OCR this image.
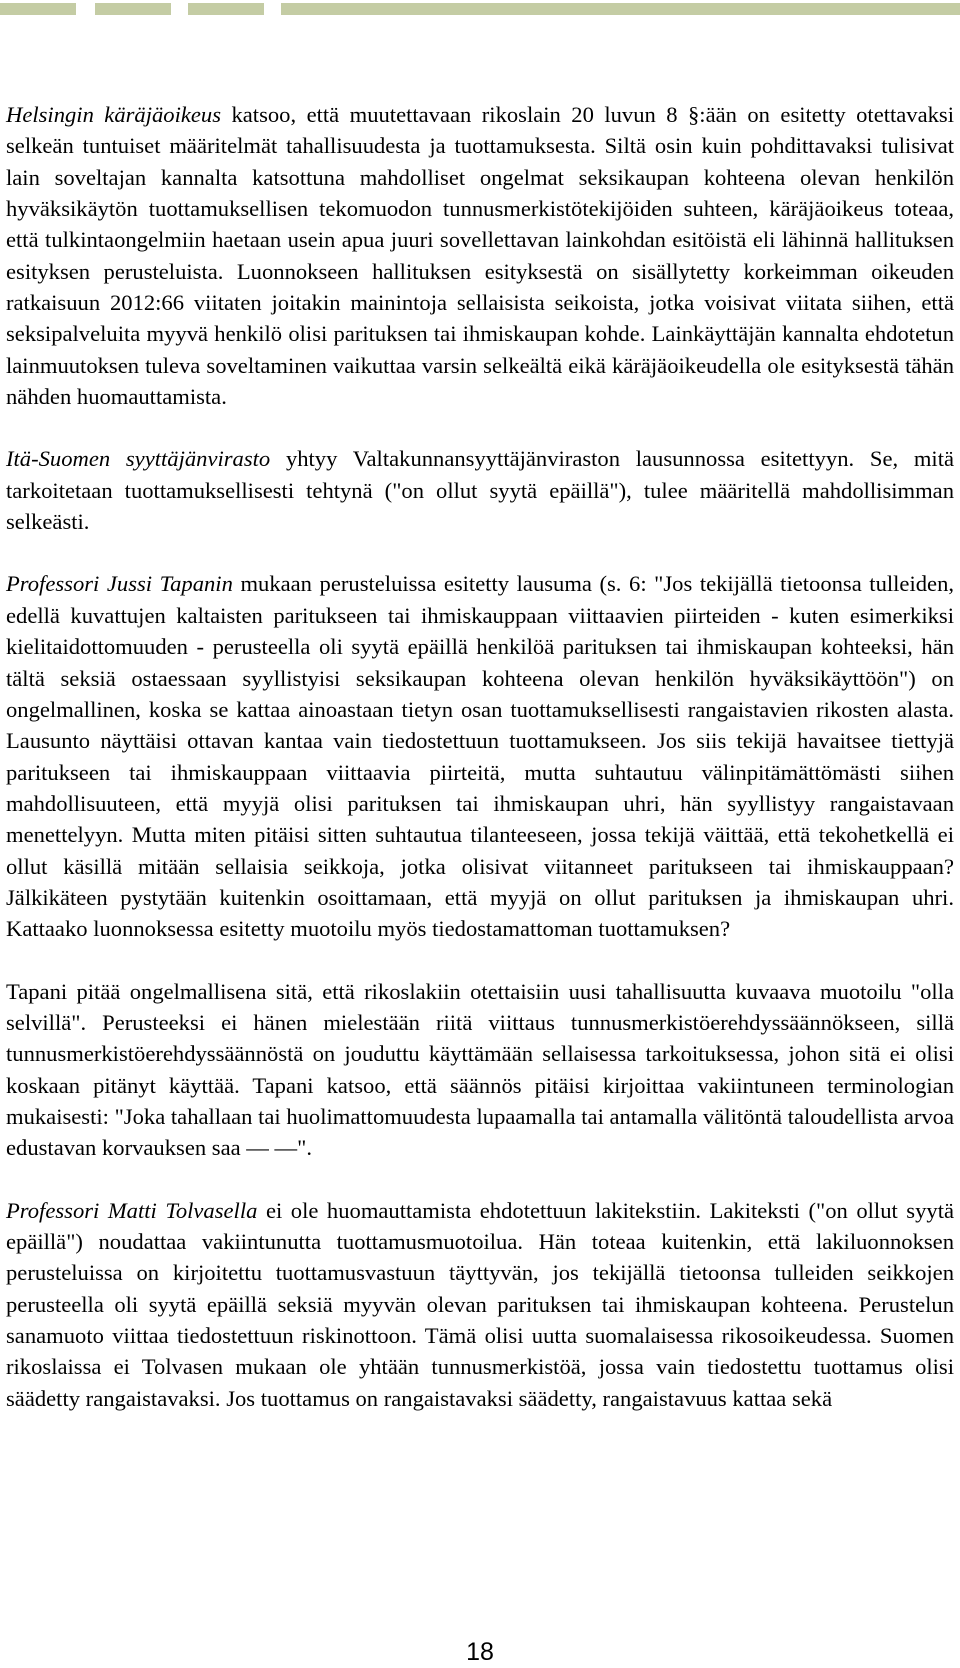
Helsingin käräjäoikeus katsoo, että muutettavaan rikoslain 20 luvun 8 §:ään on esitetty otettavaksi selkeän tuntuiset määritelmät tahallisuudesta ja tuottamuksesta. Siltä osin kuin pohdittavaksi tulisivat lain soveltajan kannalta katsottuna mahdolliset ongelmat seksikaupan kohteena olevan henkilön hyväksikäytön tuottamuksellisen tekomuodon tunnusmerkistötekijöiden suhteen, käräjäoikeus toteaa, että tulkintaongelmiin haetaan usein apua juuri sovellettavan lainkohdan esitöistä eli lähinnä hallituksen esityksen perusteluista. Luonnokseen hallituksen esityksestä on sisällytetty korkeimman oikeuden ratkaisuun 2012:66 viitaten joitakin mainintoja sellaisista seikoista, jotka voisivat viitata siihen, että seksipalveluita myyvä henkilö olisi parituksen tai ihmiskaupan kohde. Lainkäyttäjän kannalta ehdotetun lainmuutoksen tuleva soveltaminen vaikuttaa varsin selkeältä eikä käräjäoikeudella ole esityksestä tähän nähden huomauttamista.

Itä-Suomen syyttäjänvirasto yhtyy Valtakunnansyyttäjänviraston lausunnossa esitettyyn. Se, mitä tarkoitetaan tuottamuksellisesti tehtynä ("on ollut syytä epäillä"), tulee määritellä mahdollisimman selkeästi.

Professori Jussi Tapanin mukaan perusteluissa esitetty lausuma (s. 6: "Jos tekijällä tietoonsa tulleiden, edellä kuvattujen kaltaisten paritukseen tai ihmiskauppaan viittaavien piirteiden - kuten esimerkiksi kielitaidottomuuden - perusteella oli syytä epäillä henkilöä parituksen tai ihmiskaupan kohteeksi, hän tältä seksiä ostaessaan syyllistyisi seksikaupan kohteena olevan henkilön hyväksikäyttöön") on ongelmallinen, koska se kattaa ainoastaan tietyn osan tuottamuksellisesti rangaistavien rikosten alasta. Lausunto näyttäisi ottavan kantaa vain tiedostettuun tuottamukseen. Jos siis tekijä havaitsee tiettyjä paritukseen tai ihmiskauppaan viittaavia piirteitä, mutta suhtautuu välinpitämättömästi siihen mahdollisuuteen, että myyjä olisi parituksen tai ihmiskaupan uhri, hän syyllistyy rangaistavaan menettelyyn. Mutta miten pitäisi sitten suhtautua tilanteeseen, jossa tekijä väittää, että tekohetkellä ei ollut käsillä mitään sellaisia seikkoja, jotka olisivat viitanneet paritukseen tai ihmiskauppaan? Jälkikäteen pystytään kuitenkin osoittamaan, että myyjä on ollut parituksen ja ihmiskaupan uhri. Kattaako luonnoksessa esitetty muotoilu myös tiedostamattoman tuottamuksen?

Tapani pitää ongelmallisena sitä, että rikoslakiin otettaisiin uusi tahallisuutta kuvaava muotoilu "olla selvillä". Perusteeksi ei hänen mielestään riitä viittaus tunnusmerkistöerehdyssäännökseen, sillä tunnusmerkistöerehdyssäännöstä on jouduttu käyttämään sellaisessa tarkoituksessa, johon sitä ei olisi koskaan pitänyt käyttää. Tapani katsoo, että säännös pitäisi kirjoittaa vakiintuneen terminologian mukaisesti: "Joka tahallaan tai huolimattomuudesta lupaamalla tai antamalla välitöntä taloudellista arvoa edustavan korvauksen saa — —".

Professori Matti Tolvasella ei ole huomauttamista ehdotettuun lakitekstiin. Lakiteksti ("on ollut syytä epäillä") noudattaa vakiintunutta tuottamusmuotoilua. Hän toteaa kuitenkin, että lakiluonnoksen perusteluissa on kirjoitettu tuottamusvastuun täyttyvän, jos tekijällä tietoonsa tulleiden seikkojen perusteella oli syytä epäillä seksiä myyvän olevan parituksen tai ihmiskaupan kohteena. Perustelun sanamuoto viittaa tiedostettuun riskinottoon. Tämä olisi uutta suomalaisessa rikosoikeudessa. Suomen rikoslaissa ei Tolvasen mukaan ole yhtään tunnusmerkistöä, jossa vain tiedostettu tuottamus olisi säädetty rangaistavaksi. Jos tuottamus on rangaistavaksi säädetty, rangaistavuus kattaa sekä

18
